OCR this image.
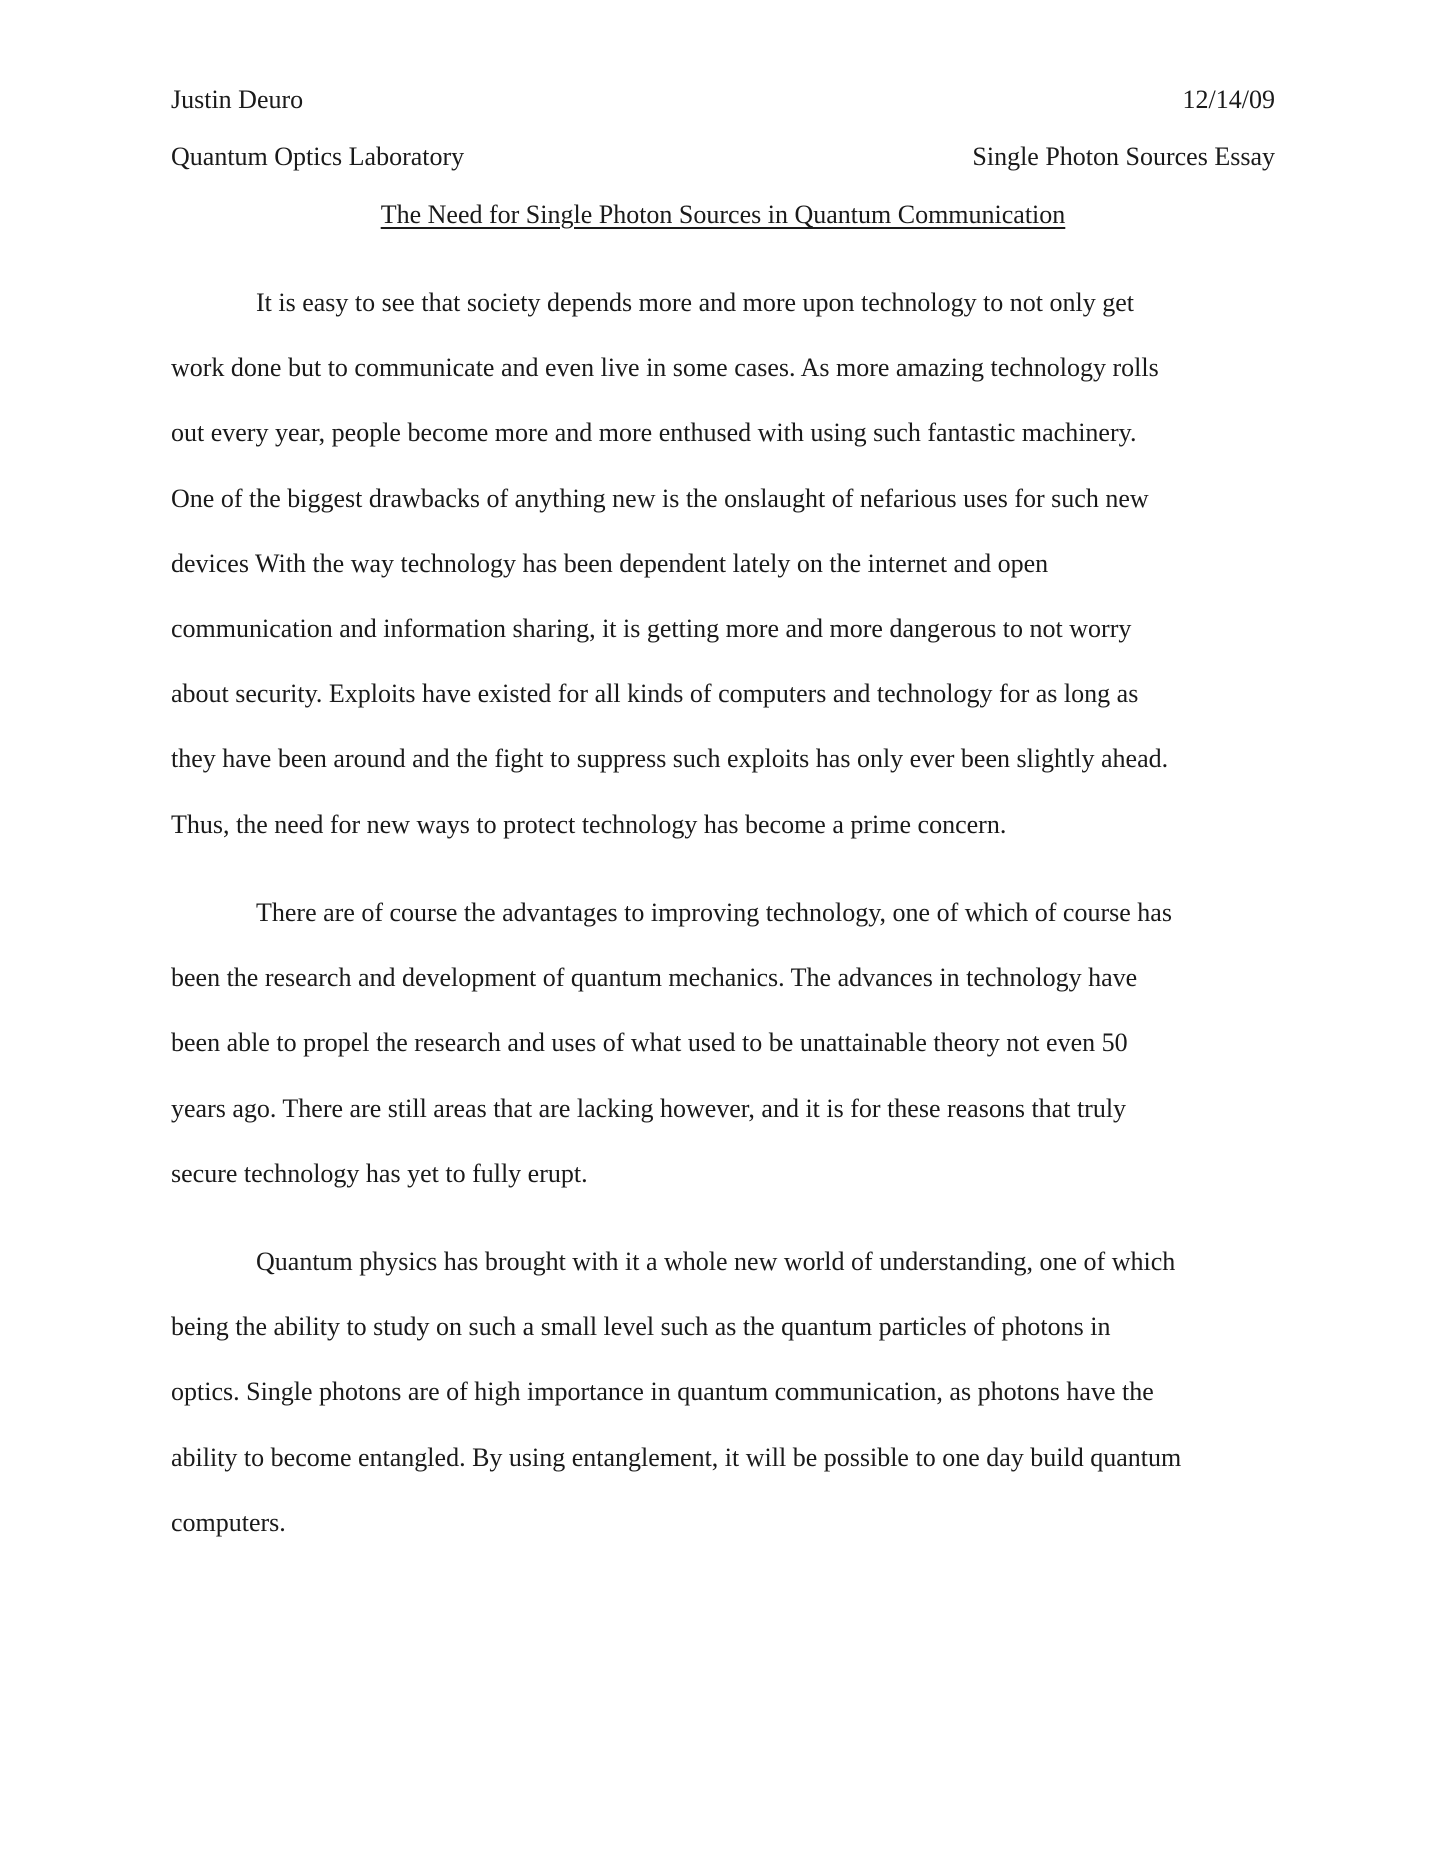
Justin Deuro	12/14/09
Quantum Optics Laboratory	Single Photon Sources Essay
The Need for Single Photon Sources in Quantum Communication
It is easy to see that society depends more and more upon technology to not only get
work done but to communicate and even live in some cases. As more amazing technology rolls
out every year, people become more and more enthused with using such fantastic machinery.
One of the biggest drawbacks of anything new is the onslaught of nefarious uses for such new
devices With the way technology has been dependent lately on the internet and open
communication and information sharing, it is getting more and more dangerous to not worry
about security. Exploits have existed for all kinds of computers and technology for as long as
they have been around and the fight to suppress such exploits has only ever been slightly ahead.
Thus, the need for new ways to protect technology has become a prime concern.
There are of course the advantages to improving technology, one of which of course has
been the research and development of quantum mechanics. The advances in technology have
been able to propel the research and uses of what used to be unattainable theory not even 50
years ago. There are still areas that are lacking however, and it is for these reasons that truly
secure technology has yet to fully erupt.
Quantum physics has brought with it a whole new world of understanding, one of which
being the ability to study on such a small level such as the quantum particles of photons in
optics. Single photons are of high importance in quantum communication, as photons have the
ability to become entangled. By using entanglement, it will be possible to one day build quantum
computers.
